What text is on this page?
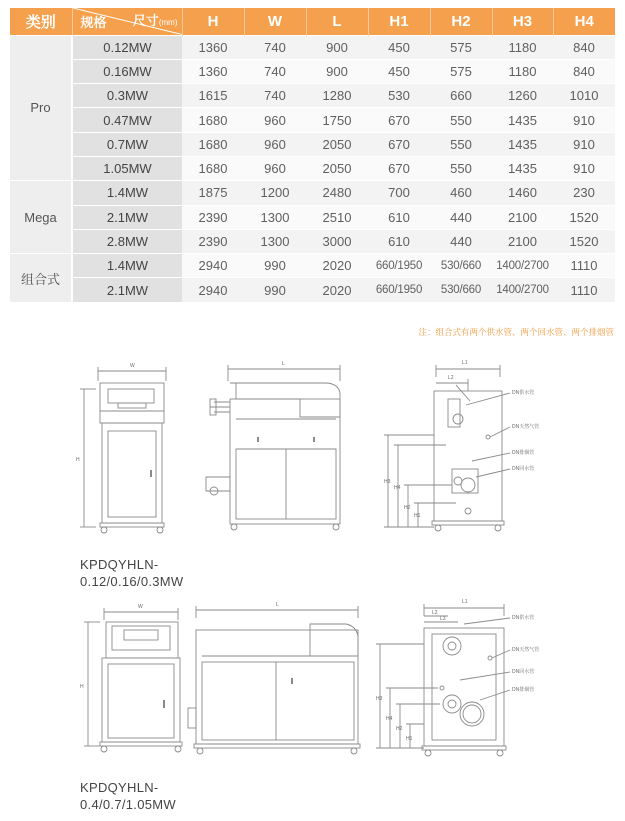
类别	规格 尺寸(mm)	H	W	L	H1	H2	H3	H4
Pro	0.12MW	1360	740	900	450	575	1180	840
	0.16MW	1360	740	900	450	575	1180	840
	0.3MW	1615	740	1280	530	660	1260	1010
	0.47MW	1680	960	1750	670	550	1435	910
	0.7MW	1680	960	2050	670	550	1435	910
	1.05MW	1680	960	2050	670	550	1435	910
Mega	1.4MW	1875	1200	2480	700	460	1460	230
	2.1MW	2390	1300	2510	610	440	2100	1520
	2.8MW	2390	1300	3000	610	440	2100	1520
组合式	1.4MW	2940	990	2020	660/1950	530/660	1400/2700	1110
	2.1MW	2940	990	2020	660/1950	530/660	1400/2700	1110
注：组合式有两个供水管、两个回水管、两个排烟管
W	L
H
L1
L2
H3
H4
H2
H1
DN供水管
DN天然气管
DN排烟管
DN回水管
KPDQYHLN-
0.12/0.16/0.3MW
W	L
H
L1
L2
L3
H3
H4
H2
H1
DN供水管
DN天然气管
DN回水管
DN排烟管
KPDQYHLN-
0.4/0.7/1.05MW
